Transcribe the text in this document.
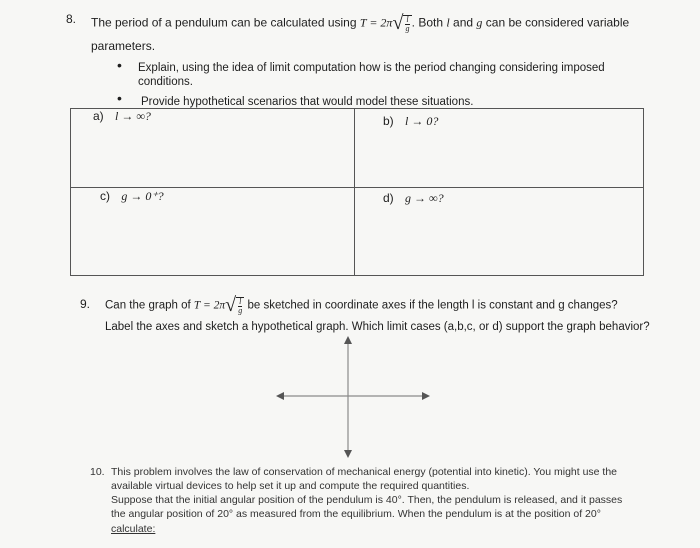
8. The period of a pendulum can be calculated using $T = 2\pi√ \frac{l}{g}$ . Both l and g can be considered variable
parameters.
• Explain, using the idea of limit computation how is the period changing considering imposed
conditions.
• Provide hypothetical scenarios that would model these situations.
a) l → ∞?	b) l → 0?
c) g → 0⁺?	d) g → ∞?
9. Can the graph of $T = 2\pi√ \frac{l}{g}$ be sketched in coordinate axes if the length l is constant and g changes?
Label the axes and sketch a hypothetical graph. Which limit cases (a,b,c, or d) support the graph behavior?
10. This problem involves the law of conservation of mechanical energy (potential into kinetic). You might use the
available virtual devices to help set it up and compute the required quantities.
Suppose that the initial angular position of the pendulum is 40°. Then, the pendulum is released, and it passes
the angular position of 20° as measured from the equilibrium. When the pendulum is at the position of 20°
calculate:
